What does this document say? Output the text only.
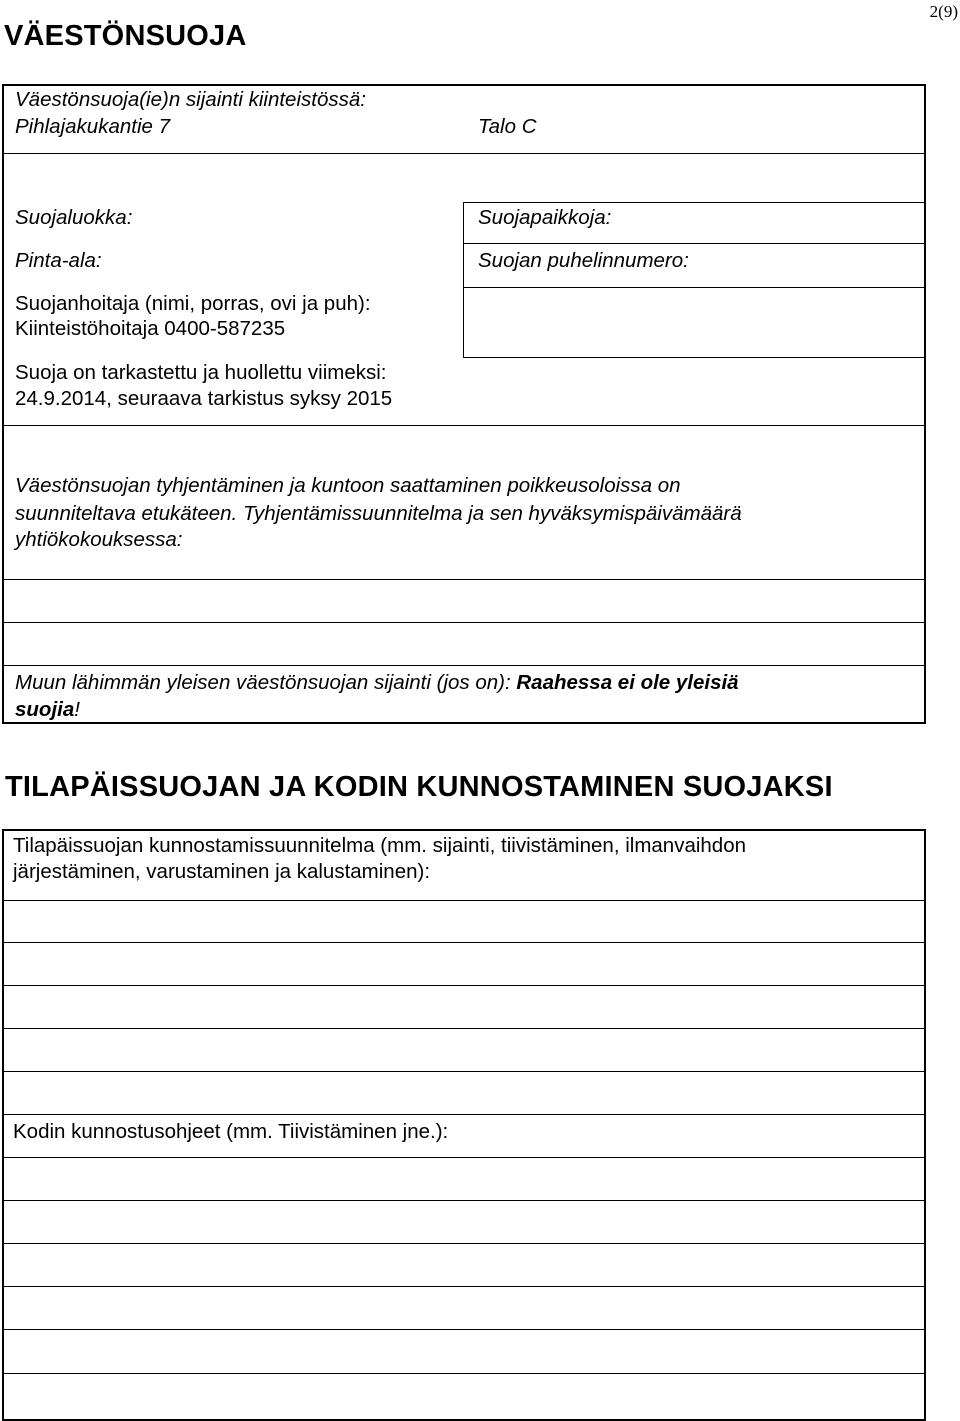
2(9)
VÄESTÖNSUOJA
Väestönsuoja(ie)n sijainti kiinteistössä:
Pihlajakukantie 7	Talo C
Suojaluokka:	Suojapaikkoja:
Pinta-ala:	Suojan puhelinnumero:
Suojanhoitaja (nimi, porras, ovi ja puh):
Kiinteistöhoitaja 0400-587235
Suoja on tarkastettu ja huollettu viimeksi:
24.9.2014, seuraava tarkistus syksy 2015
Väestönsuojan tyhjentäminen ja kuntoon saattaminen poikkeusoloissa on
suunniteltava etukäteen. Tyhjentämissuunnitelma ja sen hyväksymispäivämäärä
yhtiökokouksessa:
Muun lähimmän yleisen väestönsuojan sijainti (jos on): Raahessa ei ole yleisiä
suojia!
TILAPÄISSUOJAN JA KODIN KUNNOSTAMINEN SUOJAKSI
Tilapäissuojan kunnostamissuunnitelma (mm. sijainti, tiivistäminen, ilmanvaihdon
järjestäminen, varustaminen ja kalustaminen):
Kodin kunnostusohjeet (mm. Tiivistäminen jne.):
